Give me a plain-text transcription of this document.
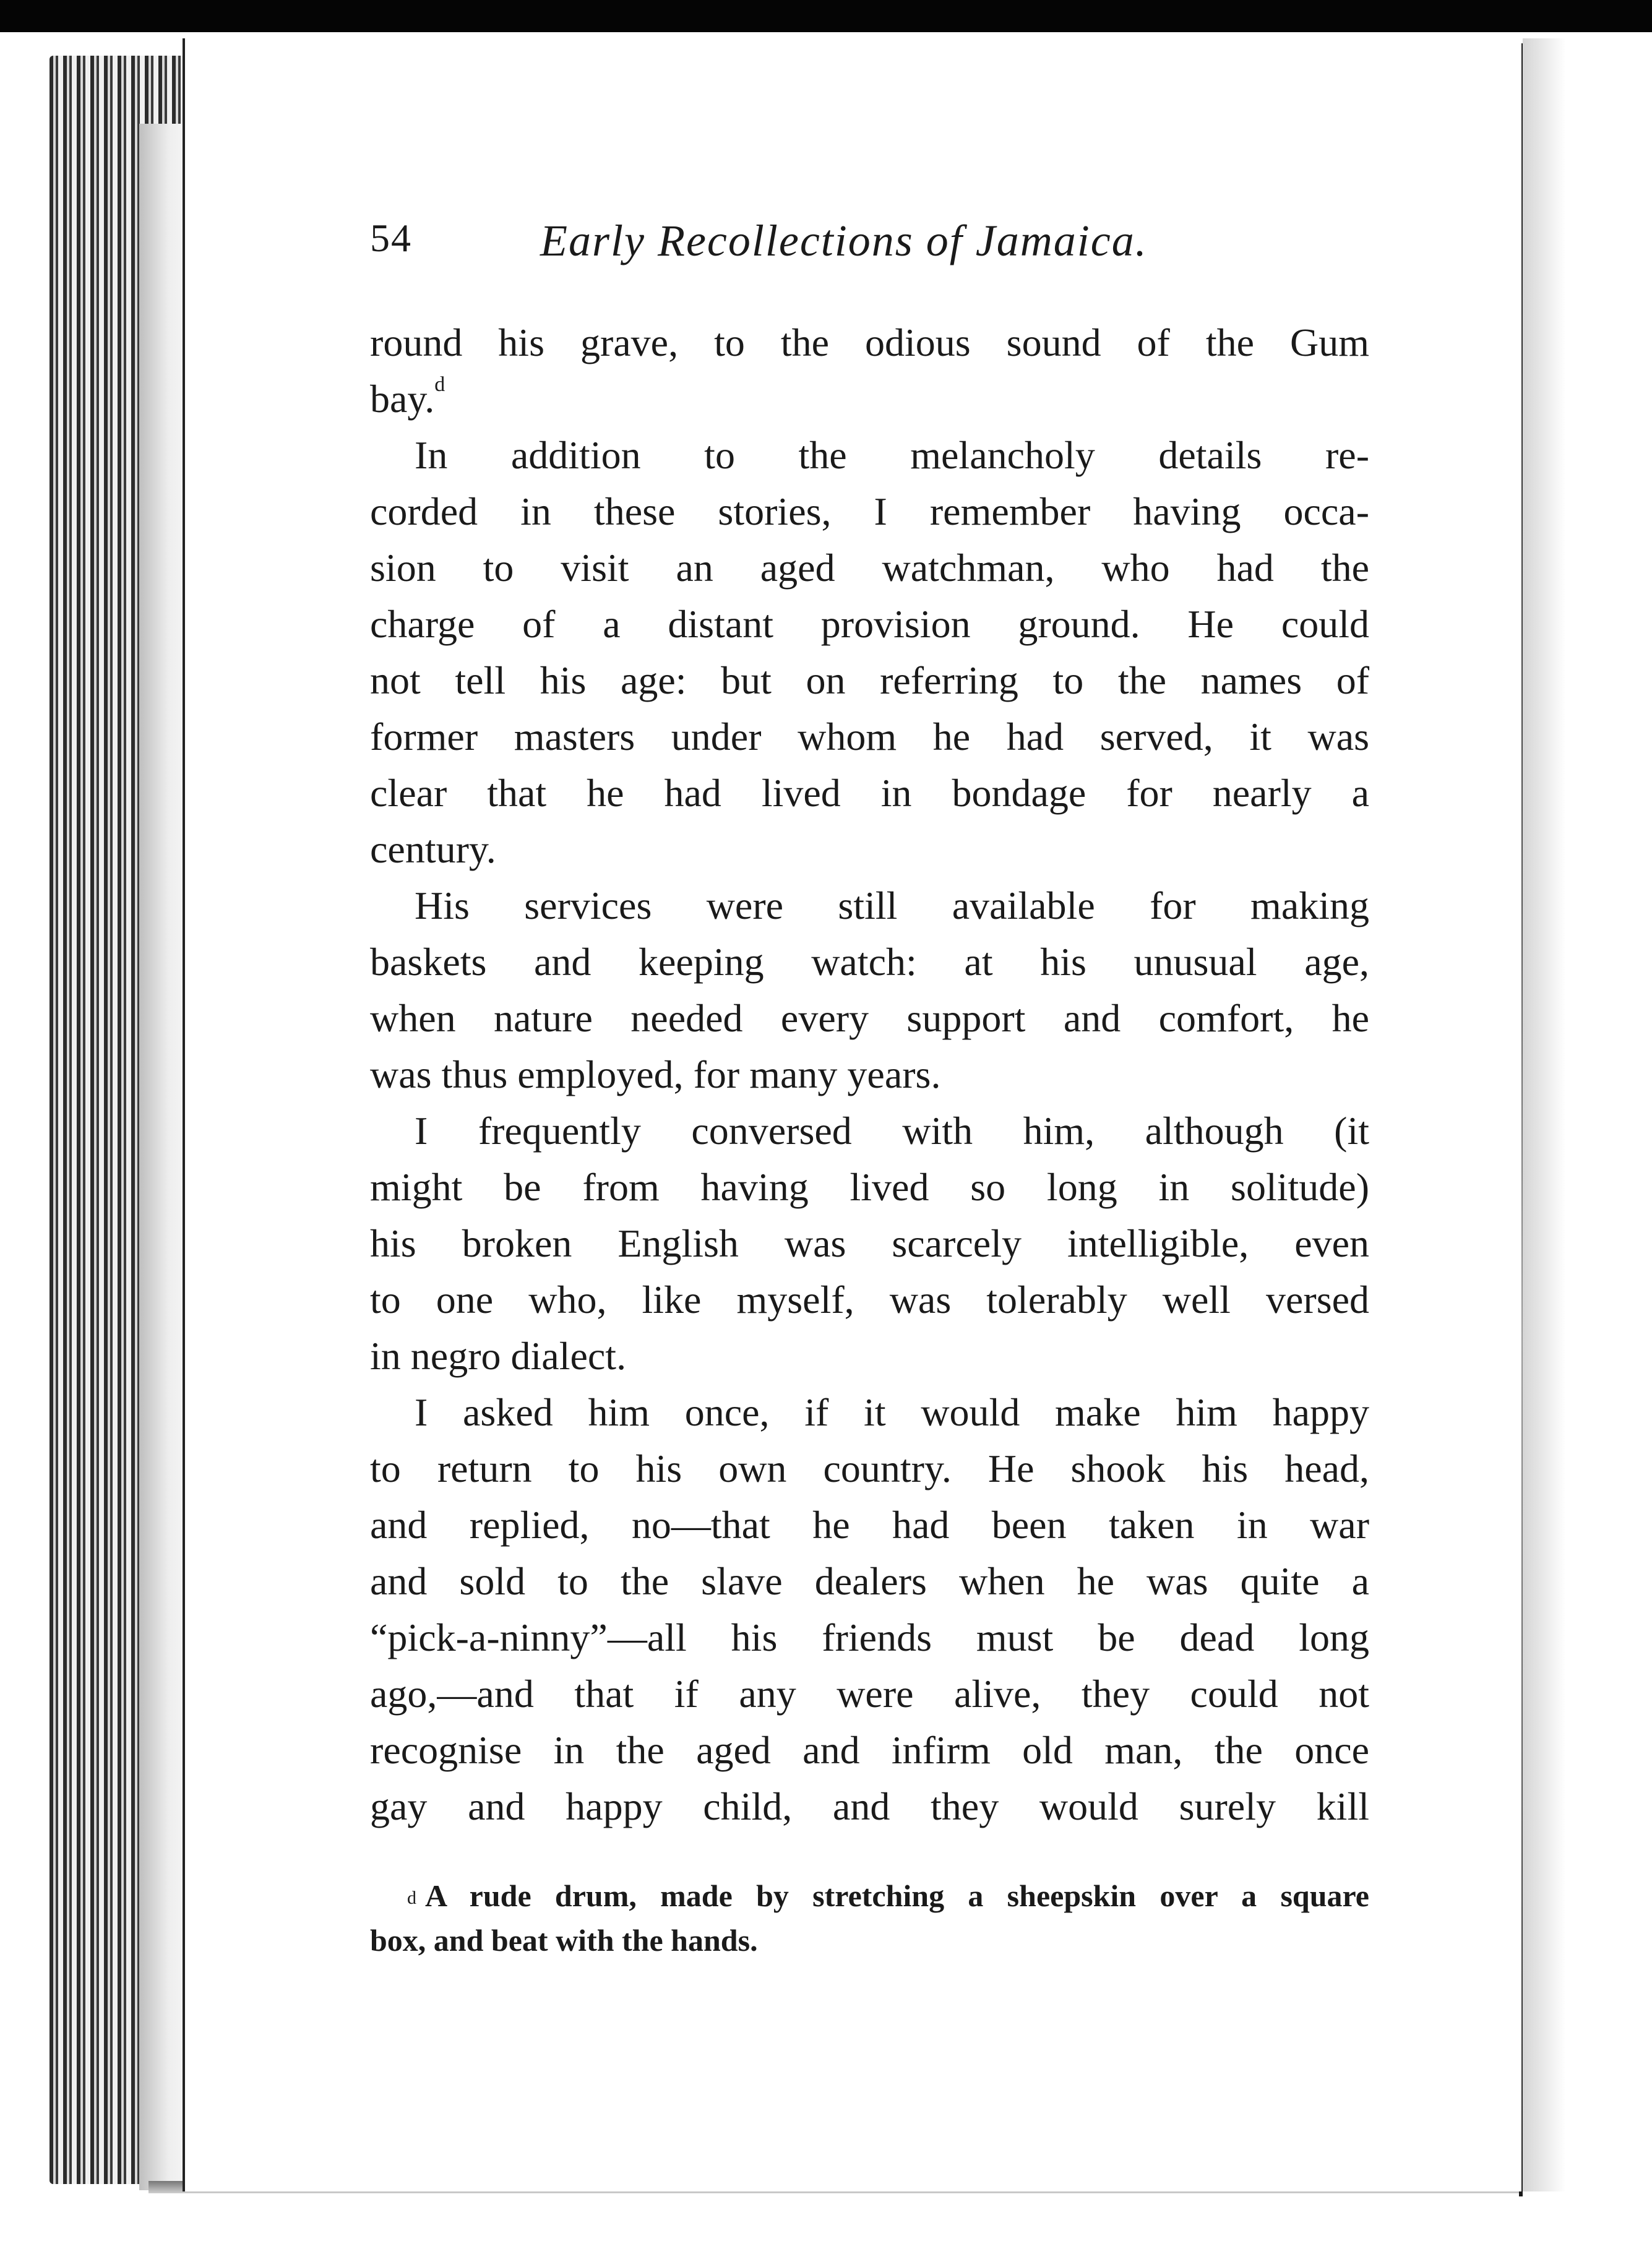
54	Early Recollections of Jamaica.
round his grave, to the odious sound of the Gum
bay.$^d$
In addition to the melancholy details re-
corded in these stories, I remember having occa-
sion to visit an aged watchman, who had the
charge of a distant provision ground. He could
not tell his age: but on referring to the names of
former masters under whom he had served, it was
clear that he had lived in bondage for nearly a
century.
His services were still available for making
baskets and keeping watch: at his unusual age,
when nature needed every support and comfort, he
was thus employed, for many years.
I frequently conversed with him, although (it
might be from having lived so long in solitude)
his broken English was scarcely intelligible, even
to one who, like myself, was tolerably well versed
in negro dialect.
I asked him once, if it would make him happy
to return to his own country. He shook his head,
and replied, no—that he had been taken in war
and sold to the slave dealers when he was quite a
“pick-a-ninny”—all his friends must be dead long
ago,—and that if any were alive, they could not
recognise in the aged and infirm old man, the once
gay and happy child, and they would surely kill
$^d$ A rude drum, made by stretching a sheepskin over a square
box, and beat with the hands.
